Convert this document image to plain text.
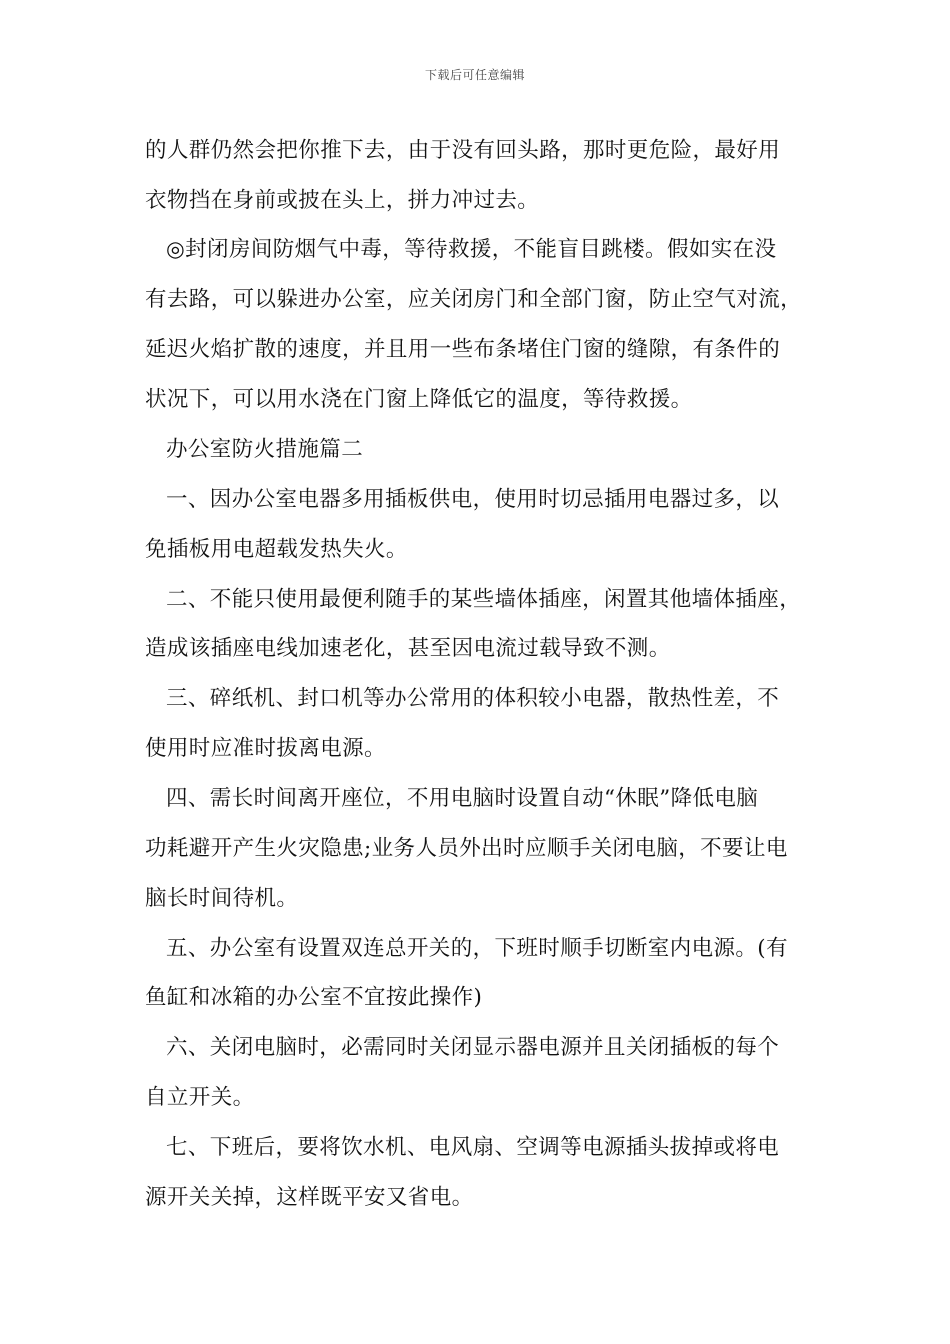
下载后可任意编辑
的人群仍然会把你推下去，由于没有回头路，那时更危险，最好用
衣物挡在身前或披在头上，拼力冲过去。
◎封闭房间防烟气中毒，等待救援，不能盲目跳楼。假如实在没
有去路，可以躲进办公室，应关闭房门和全部门窗，防止空气对流，
延迟火焰扩散的速度，并且用一些布条堵住门窗的缝隙，有条件的
状况下，可以用水浇在门窗上降低它的温度，等待救援。
办公室防火措施篇二
一、因办公室电器多用插板供电，使用时切忌插用电器过多，以
免插板用电超载发热失火。
二、不能只使用最便利随手的某些墙体插座，闲置其他墙体插座，
造成该插座电线加速老化，甚至因电流过载导致不测。
三、碎纸机、封口机等办公常用的体积较小电器，散热性差，不
使用时应准时拔离电源。
四、需长时间离开座位，不用电脑时设置自动“休眠”降低电脑
功耗避开产生火灾隐患;业务人员外出时应顺手关闭电脑，不要让电
脑长时间待机。
五、办公室有设置双连总开关的，下班时顺手切断室内电源。(有
鱼缸和冰箱的办公室不宜按此操作)
六、关闭电脑时，必需同时关闭显示器电源并且关闭插板的每个
自立开关。
七、下班后，要将饮水机、电风扇、空调等电源插头拔掉或将电
源开关关掉，这样既平安又省电。
